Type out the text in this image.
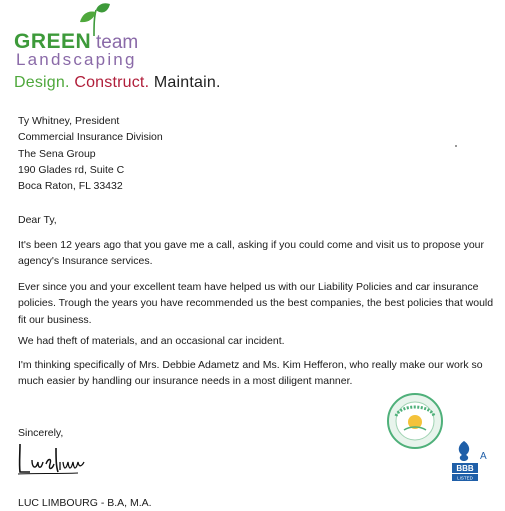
GREEN team
Landscaping
Design. Construct. Maintain.
Ty Whitney, President
Commercial Insurance Division
The Sena Group
190 Glades rd, Suite C
Boca Raton, FL 33432

Dear Ty,

It's been 12 years ago that you gave me a call, asking if you could come and visit us to propose your agency's Insurance services.

Ever since you and your excellent team have helped us with our Liability Policies and car insurance policies. Trough the years you have recommended us the best companies, the best policies that would fit our business.

We had theft of materials, and an occasional car incident.

I'm thinking specifically of Mrs. Debbie Adametz and Ms. Kim Hefferon, who really make our work so much easier by handling our insurance needs in a most diligent manner.

Sincerely,

LUC LIMBOURG - B.A, M.A.
A
BBB
LISTED
